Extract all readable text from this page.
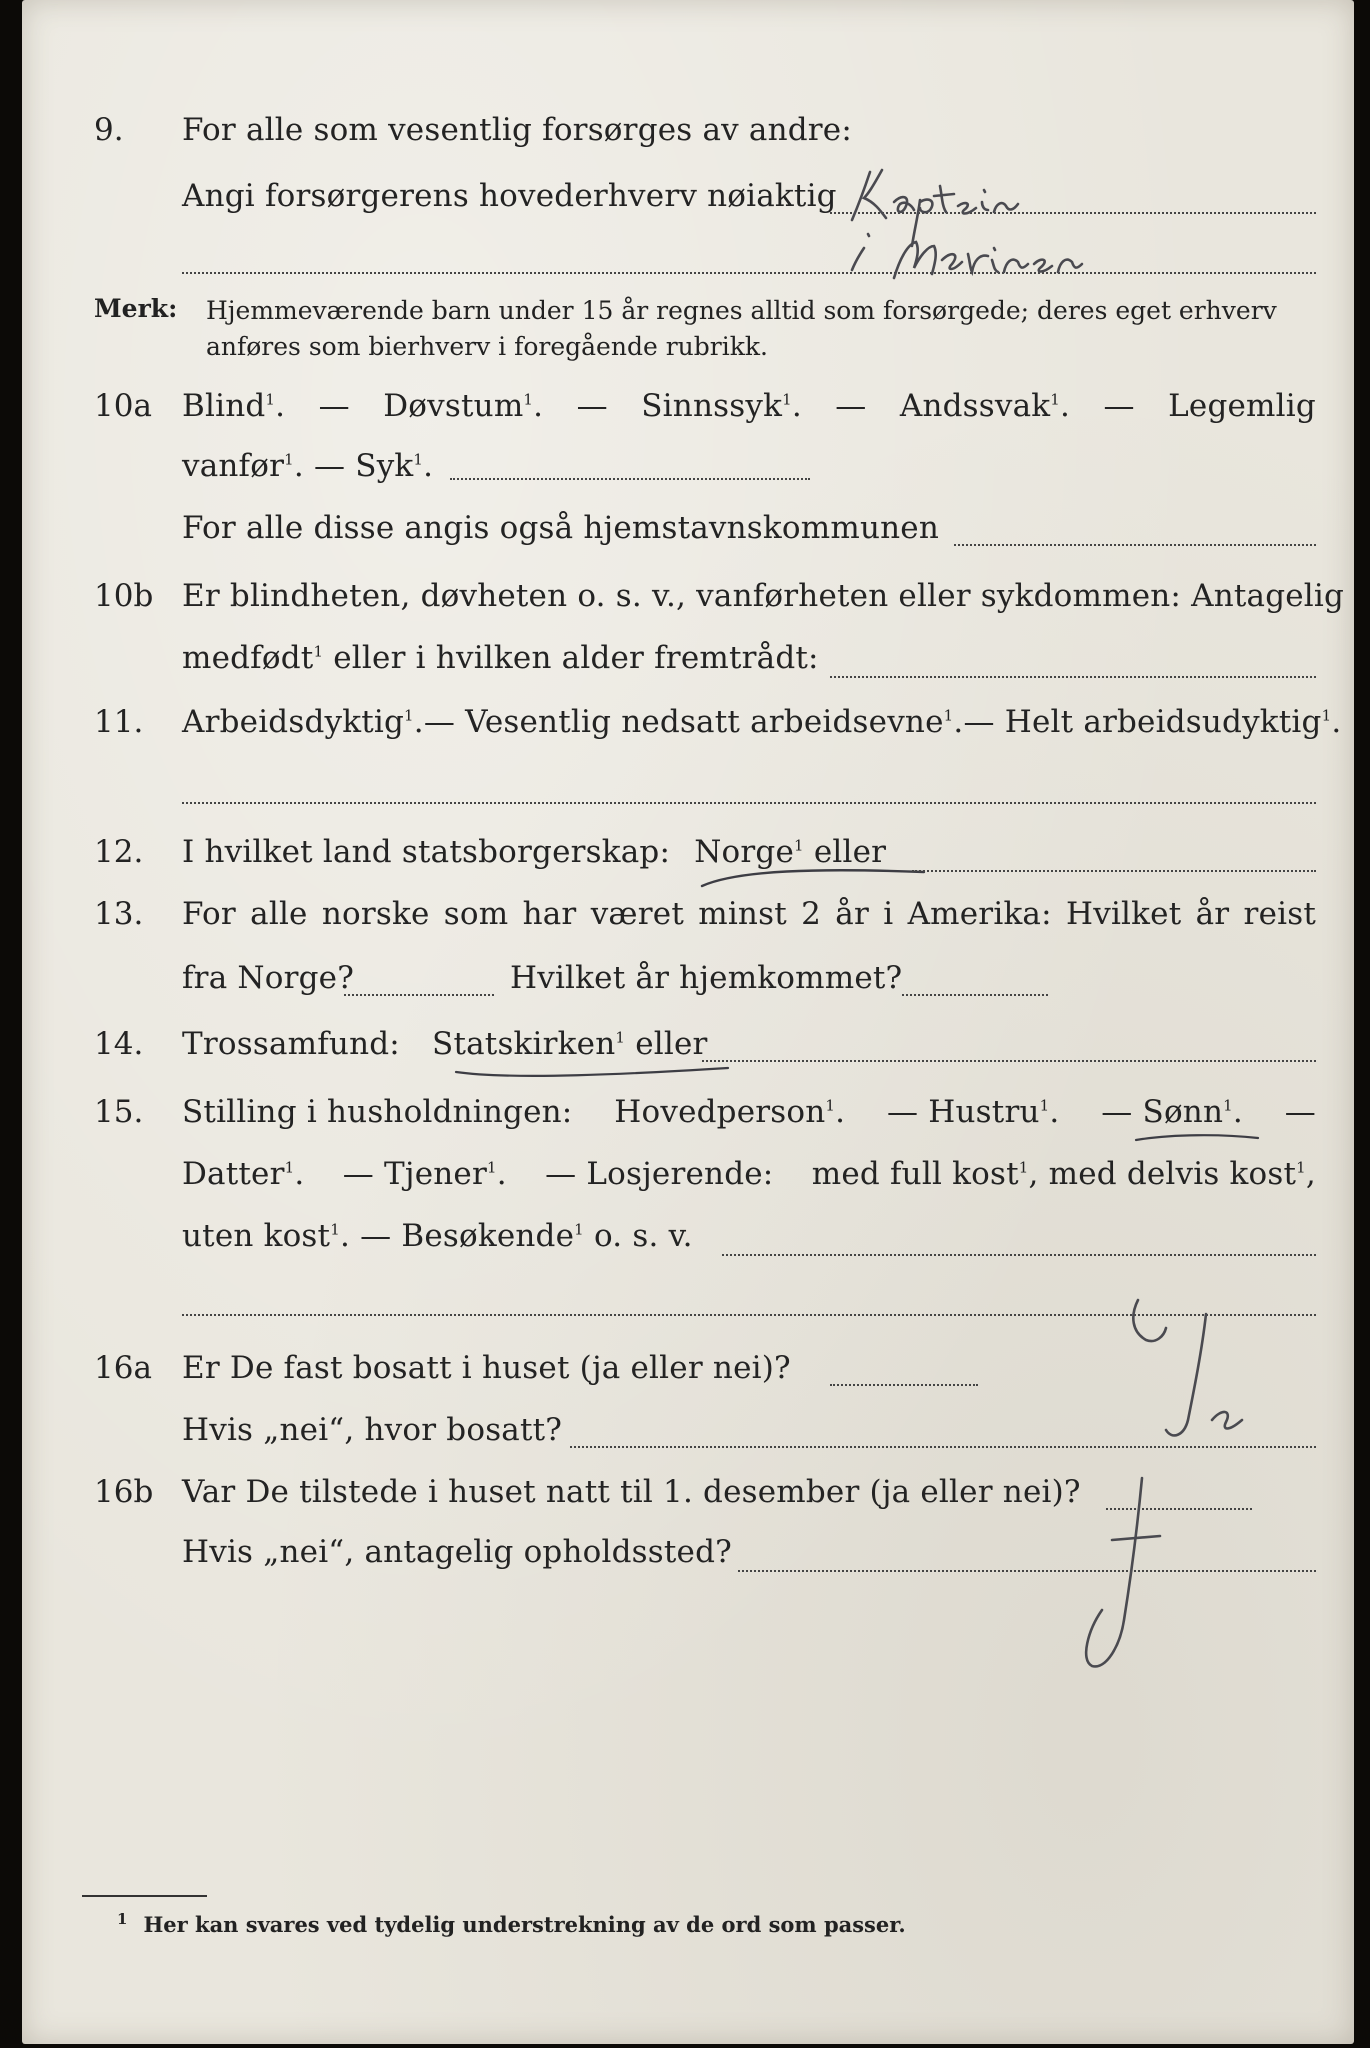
9. For alle som vesentlig forsørges av andre:
Angi forsørgerens hovederhverv nøiaktig
Merk: Hjemmeværende barn under 15 år regnes alltid som forsørgede; deres eget erhverv
anføres som bierhverv i foregående rubrikk.
10a Blind$^1$. — Døvstum$^1$. — Sinnssyk$^1$. — Andssvak$^1$. — Legemlig
vanfør$^1$. — Syk$^1$.
For alle disse angis også hjemstavnskommunen
10b Er blindheten, døvheten o. s. v., vanførheten eller sykdommen: Antagelig
medfødt$^1$ eller i hvilken alder fremtrådt:
11. Arbeidsdyktig$^1$. — Vesentlig nedsatt arbeidsevne$^1$. — Helt arbeidsudyktig$^1$.
12. I hvilket land statsborgerskap: Norge$^1$ eller
13. For alle norske som har været minst 2 år i Amerika: Hvilket år reist
fra Norge?	Hvilket år hjemkommet?
14. Trossamfund: Statskirken$^1$ eller
15. Stilling i husholdningen: Hovedperson$^1$. — Hustru$^1$. — Sønn$^1$. —
Datter$^1$. — Tjener$^1$. — Losjerende: med full kost$^1$, med delvis kost$^1$,
uten kost$^1$. — Besøkende$^1$ o. s. v.
16a Er De fast bosatt i huset (ja eller nei)?
Hvis „nei“, hvor bosatt?
16b Var De tilstede i huset natt til 1. desember (ja eller nei)?
Hvis „nei“, antagelig opholdssted?
$^1$ Her kan svares ved tydelig understrekning av de ord som passer.
